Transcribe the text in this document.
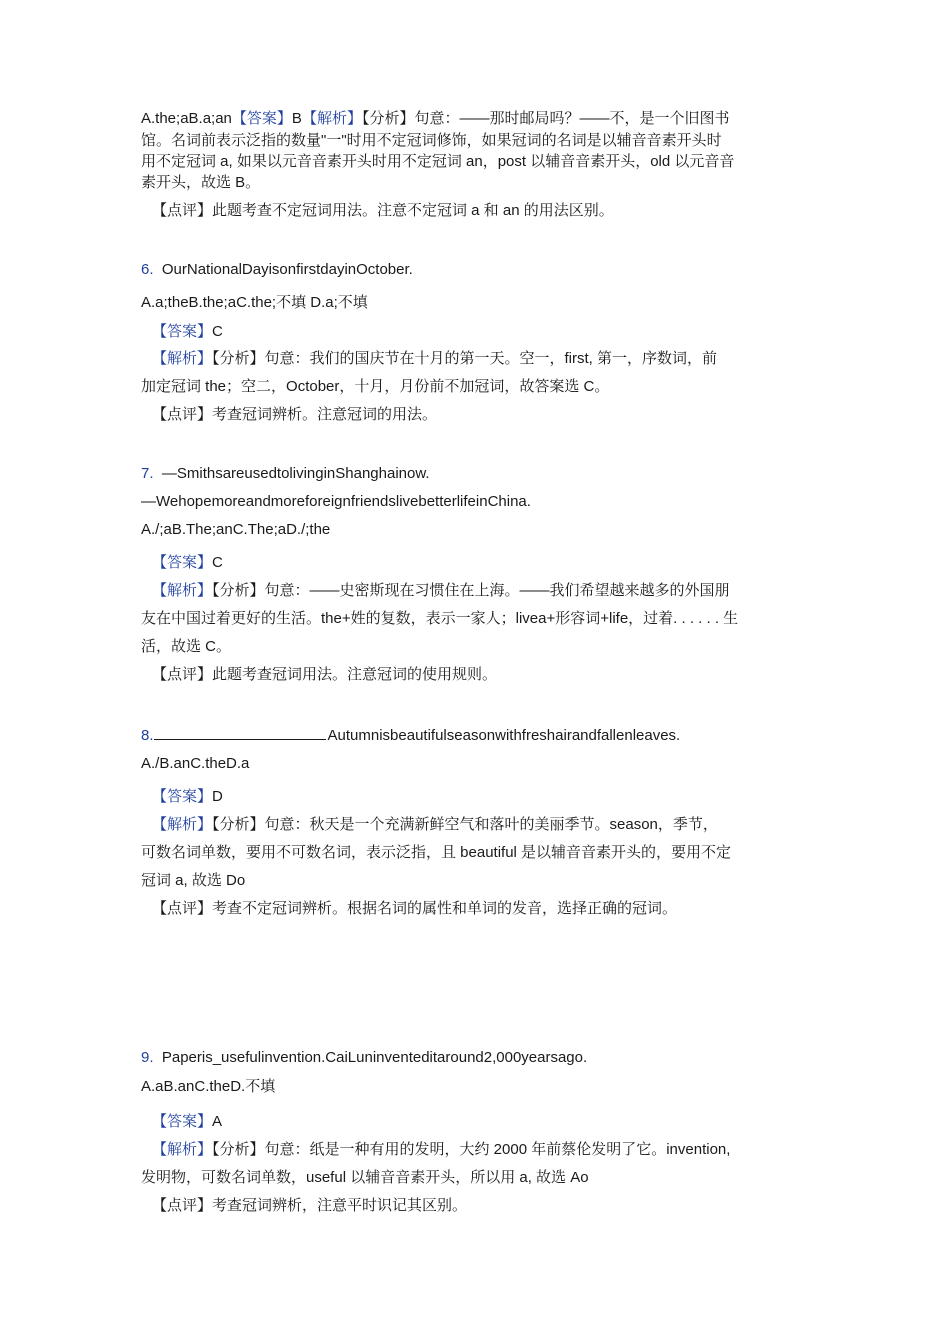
A.the;aB.a;an【答案】B【解析】【分析】句意：——那时邮局吗？——不，是一个旧图书
馆。名词前表示泛指的数量"一"时用不定冠词修饰，如果冠词的名词是以辅音音素开头时
用不定冠词 a, 如果以元音音素开头时用不定冠词 an，post 以辅音音素开头，old 以元音音
素开头，故选 B。
【点评】此题考查不定冠词用法。注意不定冠词 a 和 an 的用法区别。
6. OurNationalDayisonfirstdayinOctober.
A.a;theB.the;aC.the;不填 D.a;不填
【答案】C
【解析】【分析】句意：我们的国庆节在十月的第一天。空一，first, 第一，序数词，前
加定冠词 the；空二，October，十月，月份前不加冠词，故答案选 C。
【点评】考查冠词辨析。注意冠词的用法。
7. —SmithsareusedtolivinginShanghainow.
—WehopemoreandmoreforeignfriendslivebetterlifeinChina.
A./;aB.The;anC.The;aD./;the
【答案】C
【解析】【分析】句意：——史密斯现在习惯住在上海。——我们希望越来越多的外国朋
友在中国过着更好的生活。the+姓的复数，表示一家人；livea+形容词+life，过着. . . . . . 生
活，故选 C。
【点评】此题考查冠词用法。注意冠词的使用规则。
8.	Autumnisbeautifulseasonwithfreshairandfallenleaves.
A./B.anC.theD.a
【答案】D
【解析】【分析】句意：秋天是一个充满新鲜空气和落叶的美丽季节。season，季节，
可数名词单数，要用不可数名词，表示泛指，且 beautiful 是以辅音音素开头的，要用不定
冠词 a, 故选 Do
【点评】考查不定冠词辨析。根据名词的属性和单词的发音，选择正确的冠词。
9. Paperis_usefulinvention.CaiLuninventeditaround2,000yearsago.
A.aB.anC.theD.不填
【答案】A
【解析】【分析】句意：纸是一种有用的发明，大约 2000 年前蔡伦发明了它。invention,
发明物，可数名词单数，useful 以辅音音素开头，所以用 a, 故选 Ao
【点评】考查冠词辨析，注意平时识记其区别。
